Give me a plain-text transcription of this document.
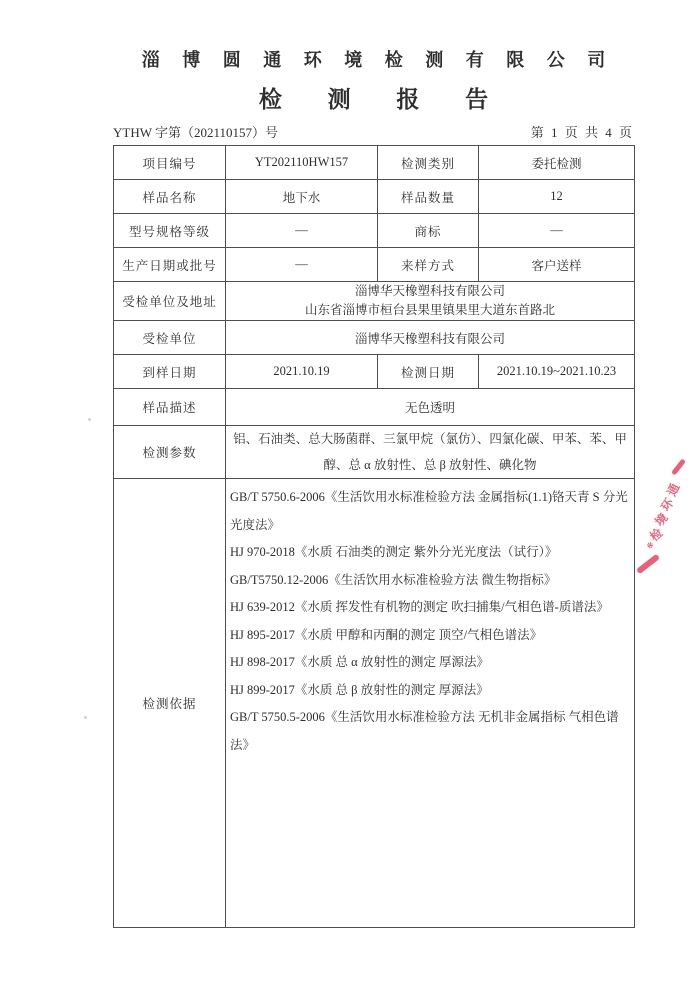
淄 博 圆 通 环 境 检 测 有 限 公 司
检 测 报 告
YTHW 字第（202110157）号	第 1 页 共 4 页
项目编号	YT202110HW157	检测类别	委托检测
样品名称	地下水	样品数量	12
型号规格等级	—	商标	—
生产日期或批号	—	来样方式	客户送样
受检单位及地址	淄博华天橡塑科技有限公司
山东省淄博市桓台县果里镇果里大道东首路北		

受检单位	淄博华天橡塑科技有限公司		
到样日期	2021.10.19	检测日期	2021.10.19~2021.10.23
样品描述	无色透明		
检测参数	铝、石油类、总大肠菌群、三氯甲烷（氯仿）、四氯化碳、甲苯、苯、甲醇、总 α 放射性、总 β 放射性、碘化物		
检测依据	
GB/T 5750.6-2006《生活饮用水标准检验方法 金属指标(1.1)铬天青 S 分光光度法》
HJ 970-2018《水质 石油类的测定 紫外分光光度法（试行）》
GB/T5750.12-2006《生活饮用水标准检验方法 微生物指标》
HJ 639-2012《水质 挥发性有机物的测定 吹扫捕集/气相色谱-质谱法》
HJ 895-2017《水质 甲醇和丙酮的测定 顶空/气相色谱法》
HJ 898-2017《水质 总 α 放射性的测定 厚源法》
HJ 899-2017《水质 总 β 放射性的测定 厚源法》
GB/T 5750.5-2006《生活饮用水标准检验方法 无机非金属指标 气相色谱法》
通
环
境
检
※
